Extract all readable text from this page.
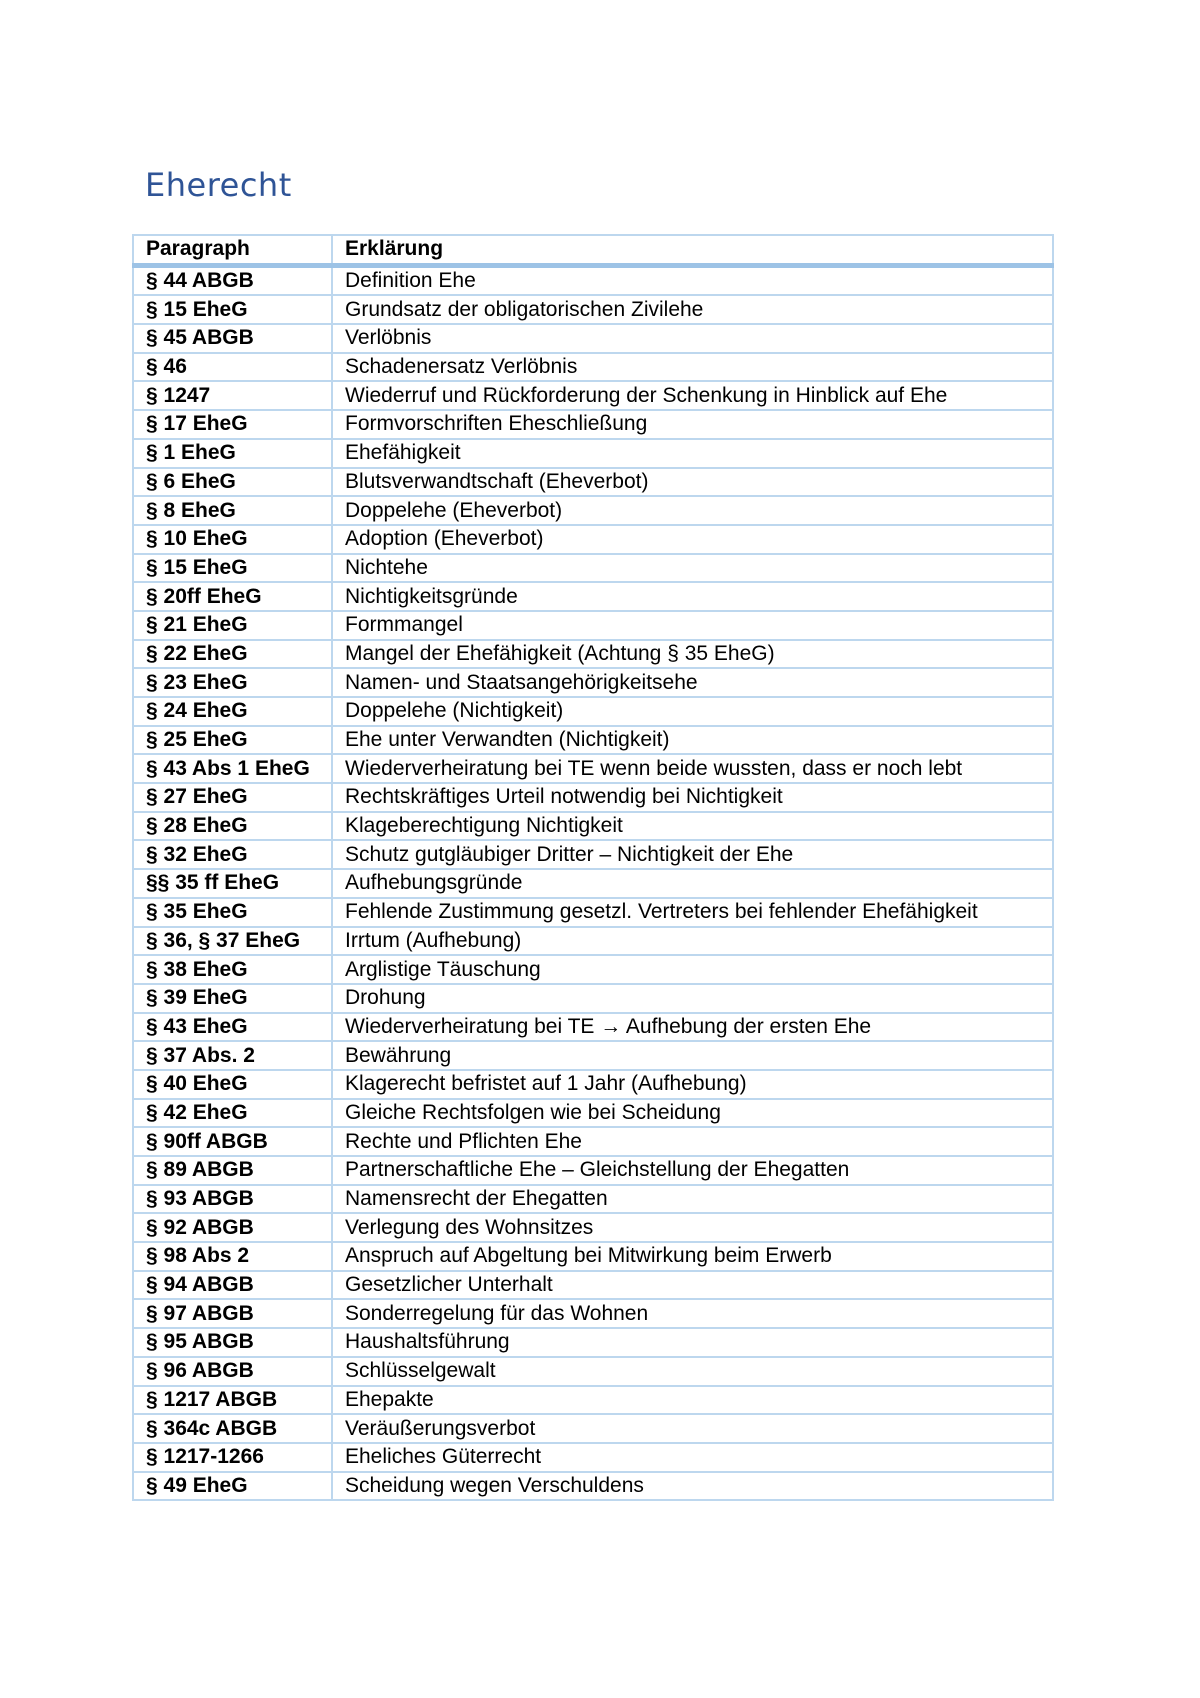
Eherecht
Paragraph	Erklärung
§ 44 ABGB	Definition Ehe
§ 15 EheG	Grundsatz der obligatorischen Zivilehe
§ 45 ABGB	Verlöbnis
§ 46	Schadenersatz Verlöbnis
§ 1247	Wiederruf und Rückforderung der Schenkung in Hinblick auf Ehe
§ 17 EheG	Formvorschriften Eheschließung
§ 1 EheG	Ehefähigkeit
§ 6 EheG	Blutsverwandtschaft (Eheverbot)
§ 8 EheG	Doppelehe (Eheverbot)
§ 10 EheG	Adoption (Eheverbot)
§ 15 EheG	Nichtehe
§ 20ff EheG	Nichtigkeitsgründe
§ 21 EheG	Formmangel
§ 22 EheG	Mangel der Ehefähigkeit (Achtung § 35 EheG)
§ 23 EheG	Namen- und Staatsangehörigkeitsehe
§ 24 EheG	Doppelehe (Nichtigkeit)
§ 25 EheG	Ehe unter Verwandten (Nichtigkeit)
§ 43 Abs 1 EheG	Wiederverheiratung bei TE wenn beide wussten, dass er noch lebt
§ 27 EheG	Rechtskräftiges Urteil notwendig bei Nichtigkeit
§ 28 EheG	Klageberechtigung Nichtigkeit
§ 32 EheG	Schutz gutgläubiger Dritter – Nichtigkeit der Ehe
§§ 35 ff EheG	Aufhebungsgründe
§ 35 EheG	Fehlende Zustimmung gesetzl. Vertreters bei fehlender Ehefähigkeit
§ 36, § 37 EheG	Irrtum (Aufhebung)
§ 38 EheG	Arglistige Täuschung
§ 39 EheG	Drohung
§ 43 EheG	Wiederverheiratung bei TE → Aufhebung der ersten Ehe
§ 37 Abs. 2	Bewährung
§ 40 EheG	Klagerecht befristet auf 1 Jahr (Aufhebung)
§ 42 EheG	Gleiche Rechtsfolgen wie bei Scheidung
§ 90ff ABGB	Rechte und Pflichten Ehe
§ 89 ABGB	Partnerschaftliche Ehe – Gleichstellung der Ehegatten
§ 93 ABGB	Namensrecht der Ehegatten
§ 92 ABGB	Verlegung des Wohnsitzes
§ 98 Abs 2	Anspruch auf Abgeltung bei Mitwirkung beim Erwerb
§ 94 ABGB	Gesetzlicher Unterhalt
§ 97 ABGB	Sonderregelung für das Wohnen
§ 95 ABGB	Haushaltsführung
§ 96 ABGB	Schlüsselgewalt
§ 1217 ABGB	Ehepakte
§ 364c ABGB	Veräußerungsverbot
§ 1217-1266	Eheliches Güterrecht
§ 49 EheG	Scheidung wegen Verschuldens
